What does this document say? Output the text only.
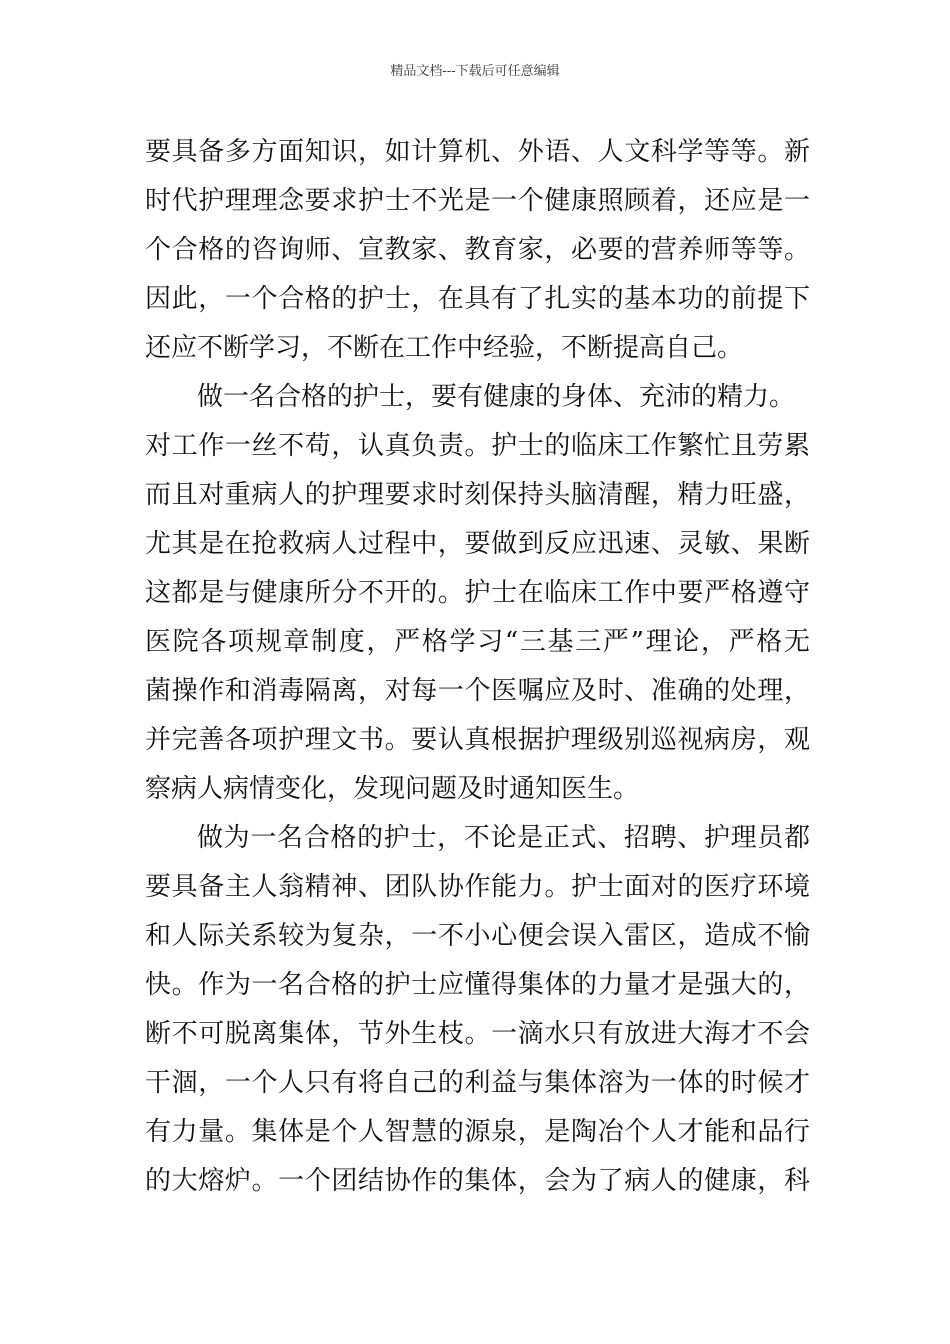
精品文档---下载后可任意编辑
要具备多方面知识，如计算机、外语、人文科学等等。新
时代护理理念要求护士不光是一个健康照顾着，还应是一
个合格的咨询师、宣教家、教育家，必要的营养师等等。
因此，一个合格的护士，在具有了扎实的基本功的前提下
还应不断学习，不断在工作中经验，不断提高自己。
做一名合格的护士，要有健康的身体、充沛的精力。
对工作一丝不苟，认真负责。护士的临床工作繁忙且劳累
而且对重病人的护理要求时刻保持头脑清醒，精力旺盛，
尤其是在抢救病人过程中，要做到反应迅速、灵敏、果断
这都是与健康所分不开的。护士在临床工作中要严格遵守
医院各项规章制度，严格学习“三基三严”理论，严格无
菌操作和消毒隔离，对每一个医嘱应及时、准确的处理，
并完善各项护理文书。要认真根据护理级别巡视病房，观
察病人病情变化，发现问题及时通知医生。
做为一名合格的护士，不论是正式、招聘、护理员都
要具备主人翁精神、团队协作能力。护士面对的医疗环境
和人际关系较为复杂，一不小心便会误入雷区，造成不愉
快。作为一名合格的护士应懂得集体的力量才是强大的，
断不可脱离集体，节外生枝。一滴水只有放进大海才不会
干涸，一个人只有将自己的利益与集体溶为一体的时候才
有力量。集体是个人智慧的源泉，是陶冶个人才能和品行
的大熔炉。一个团结协作的集体，会为了病人的健康，科
